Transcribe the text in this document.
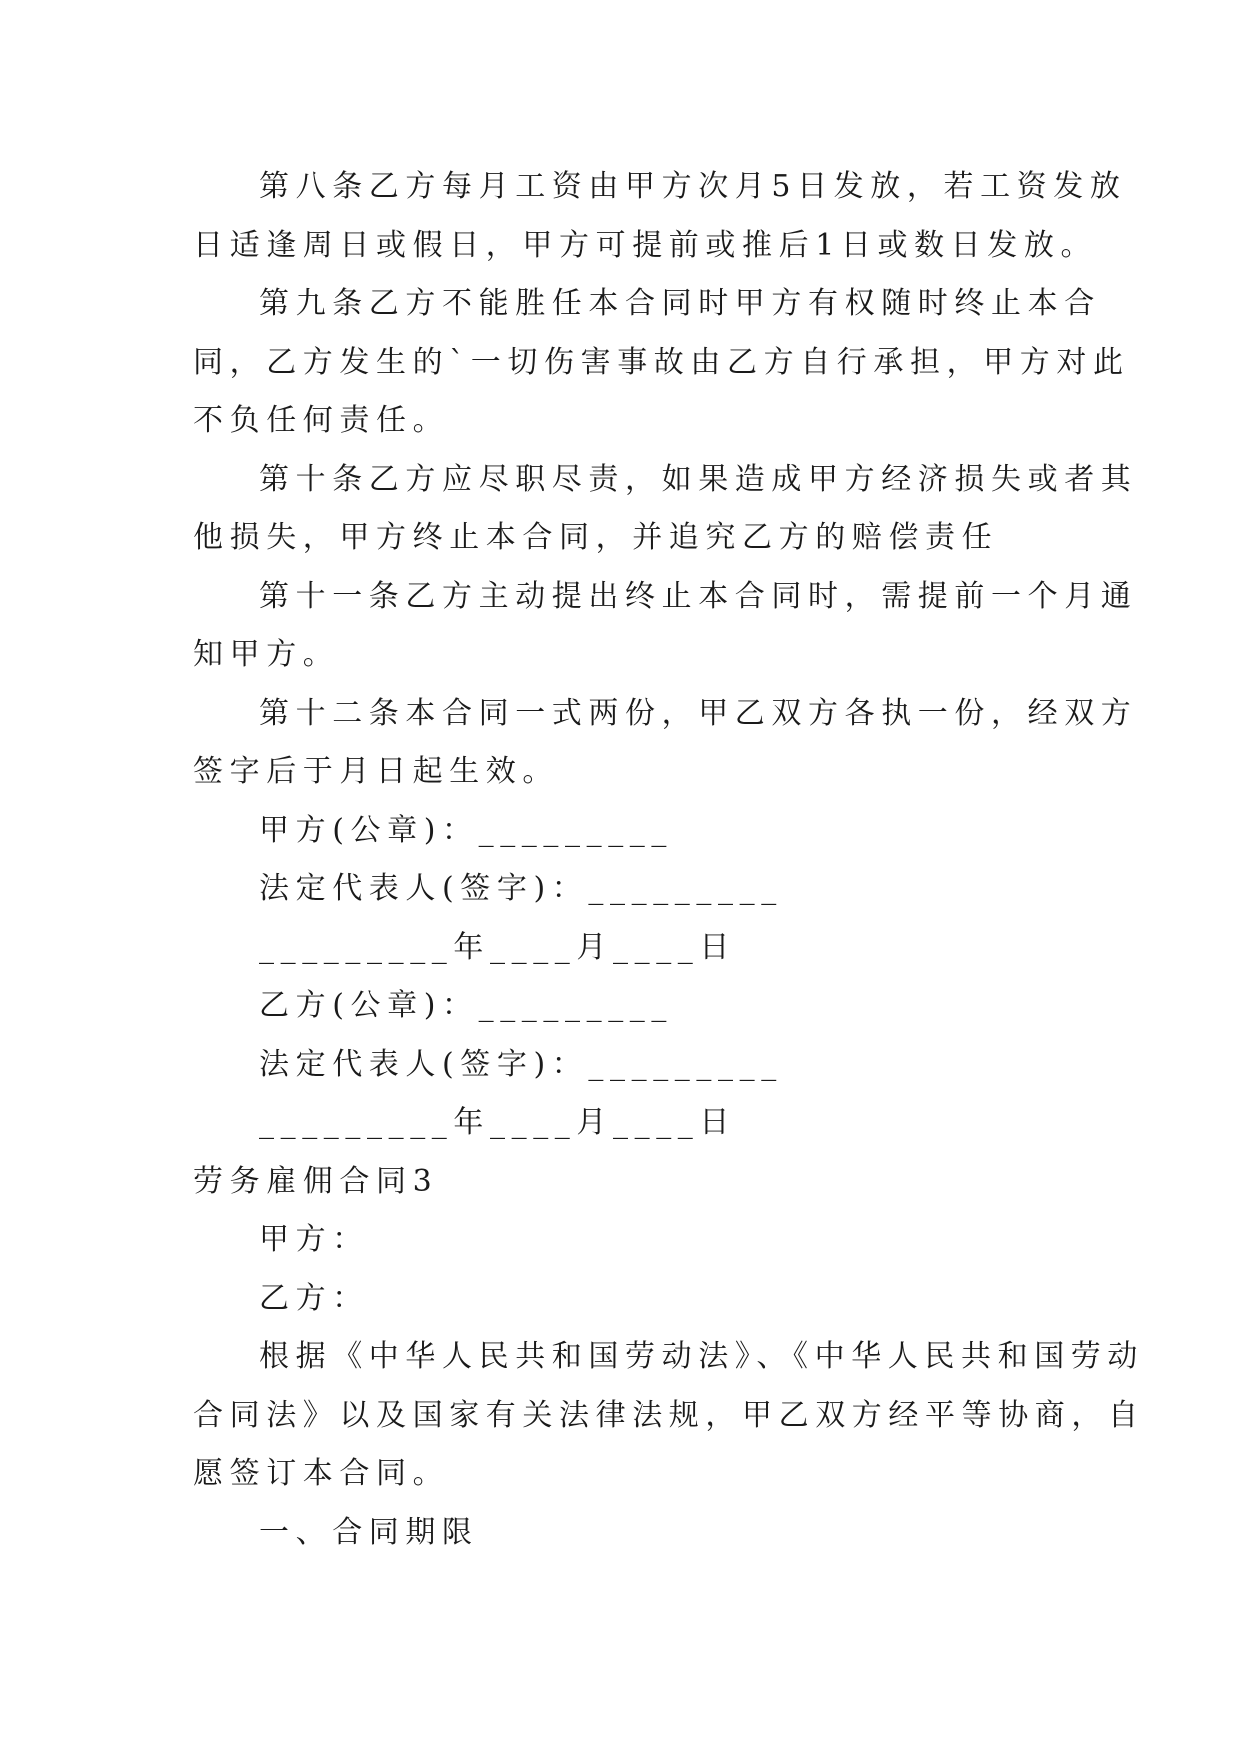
第八条乙方每月工资由甲方次月5日发放，若工资发放

日适逢周日或假日，甲方可提前或推后1日或数日发放。

第九条乙方不能胜任本合同时甲方有权随时终止本合

同，乙方发生的`一切伤害事故由乙方自行承担，甲方对此

不负任何责任。

第十条乙方应尽职尽责，如果造成甲方经济损失或者其

他损失，甲方终止本合同，并追究乙方的赔偿责任

第十一条乙方主动提出终止本合同时，需提前一个月通

知甲方。

第十二条本合同一式两份，甲乙双方各执一份，经双方

签字后于月日起生效。

甲方(公章)：_________

法定代表人(签字)：_________

_________年____月____日

乙方(公章)：_________

法定代表人(签字)：_________

_________年____月____日

劳务雇佣合同3

甲方：

乙方：

根据《中华人民共和国劳动法》、《中华人民共和国劳动

合同法》以及国家有关法律法规，甲乙双方经平等协商，自

愿签订本合同。

一、合同期限
